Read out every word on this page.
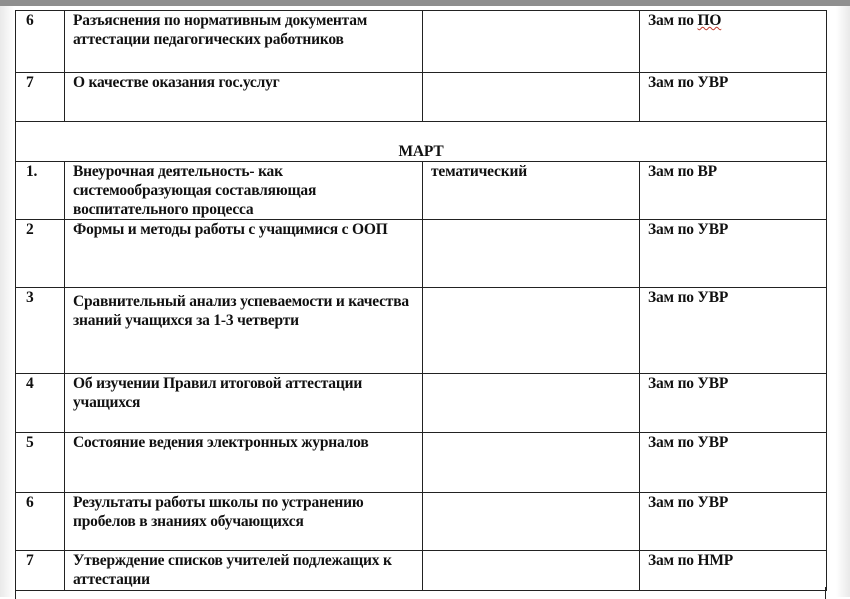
6	Разъяснения по нормативным документам аттестации педагогических работников		Зам по ПО
7	О качестве оказания гос.услуг		Зам по УВР
МАРТ			
1.	Внеурочная деятельность- как системообразующая составляющая воспитательного процесса	тематический	Зам по ВР
2	Формы и методы работы с учащимися с ООП		Зам по УВР
3	Сравнительный анализ успеваемости и качества знаний учащихся за 1-3 четверти		Зам по УВР
4	Об изучении Правил итоговой аттестации учащихся		Зам по УВР
5	Состояние ведения электронных журналов		Зам по УВР
6	Результаты работы школы по устранению пробелов в знаниях обучающихся		Зам по УВР
7	Утверждение списков учителей подлежащих к аттестации		Зам по НМР
